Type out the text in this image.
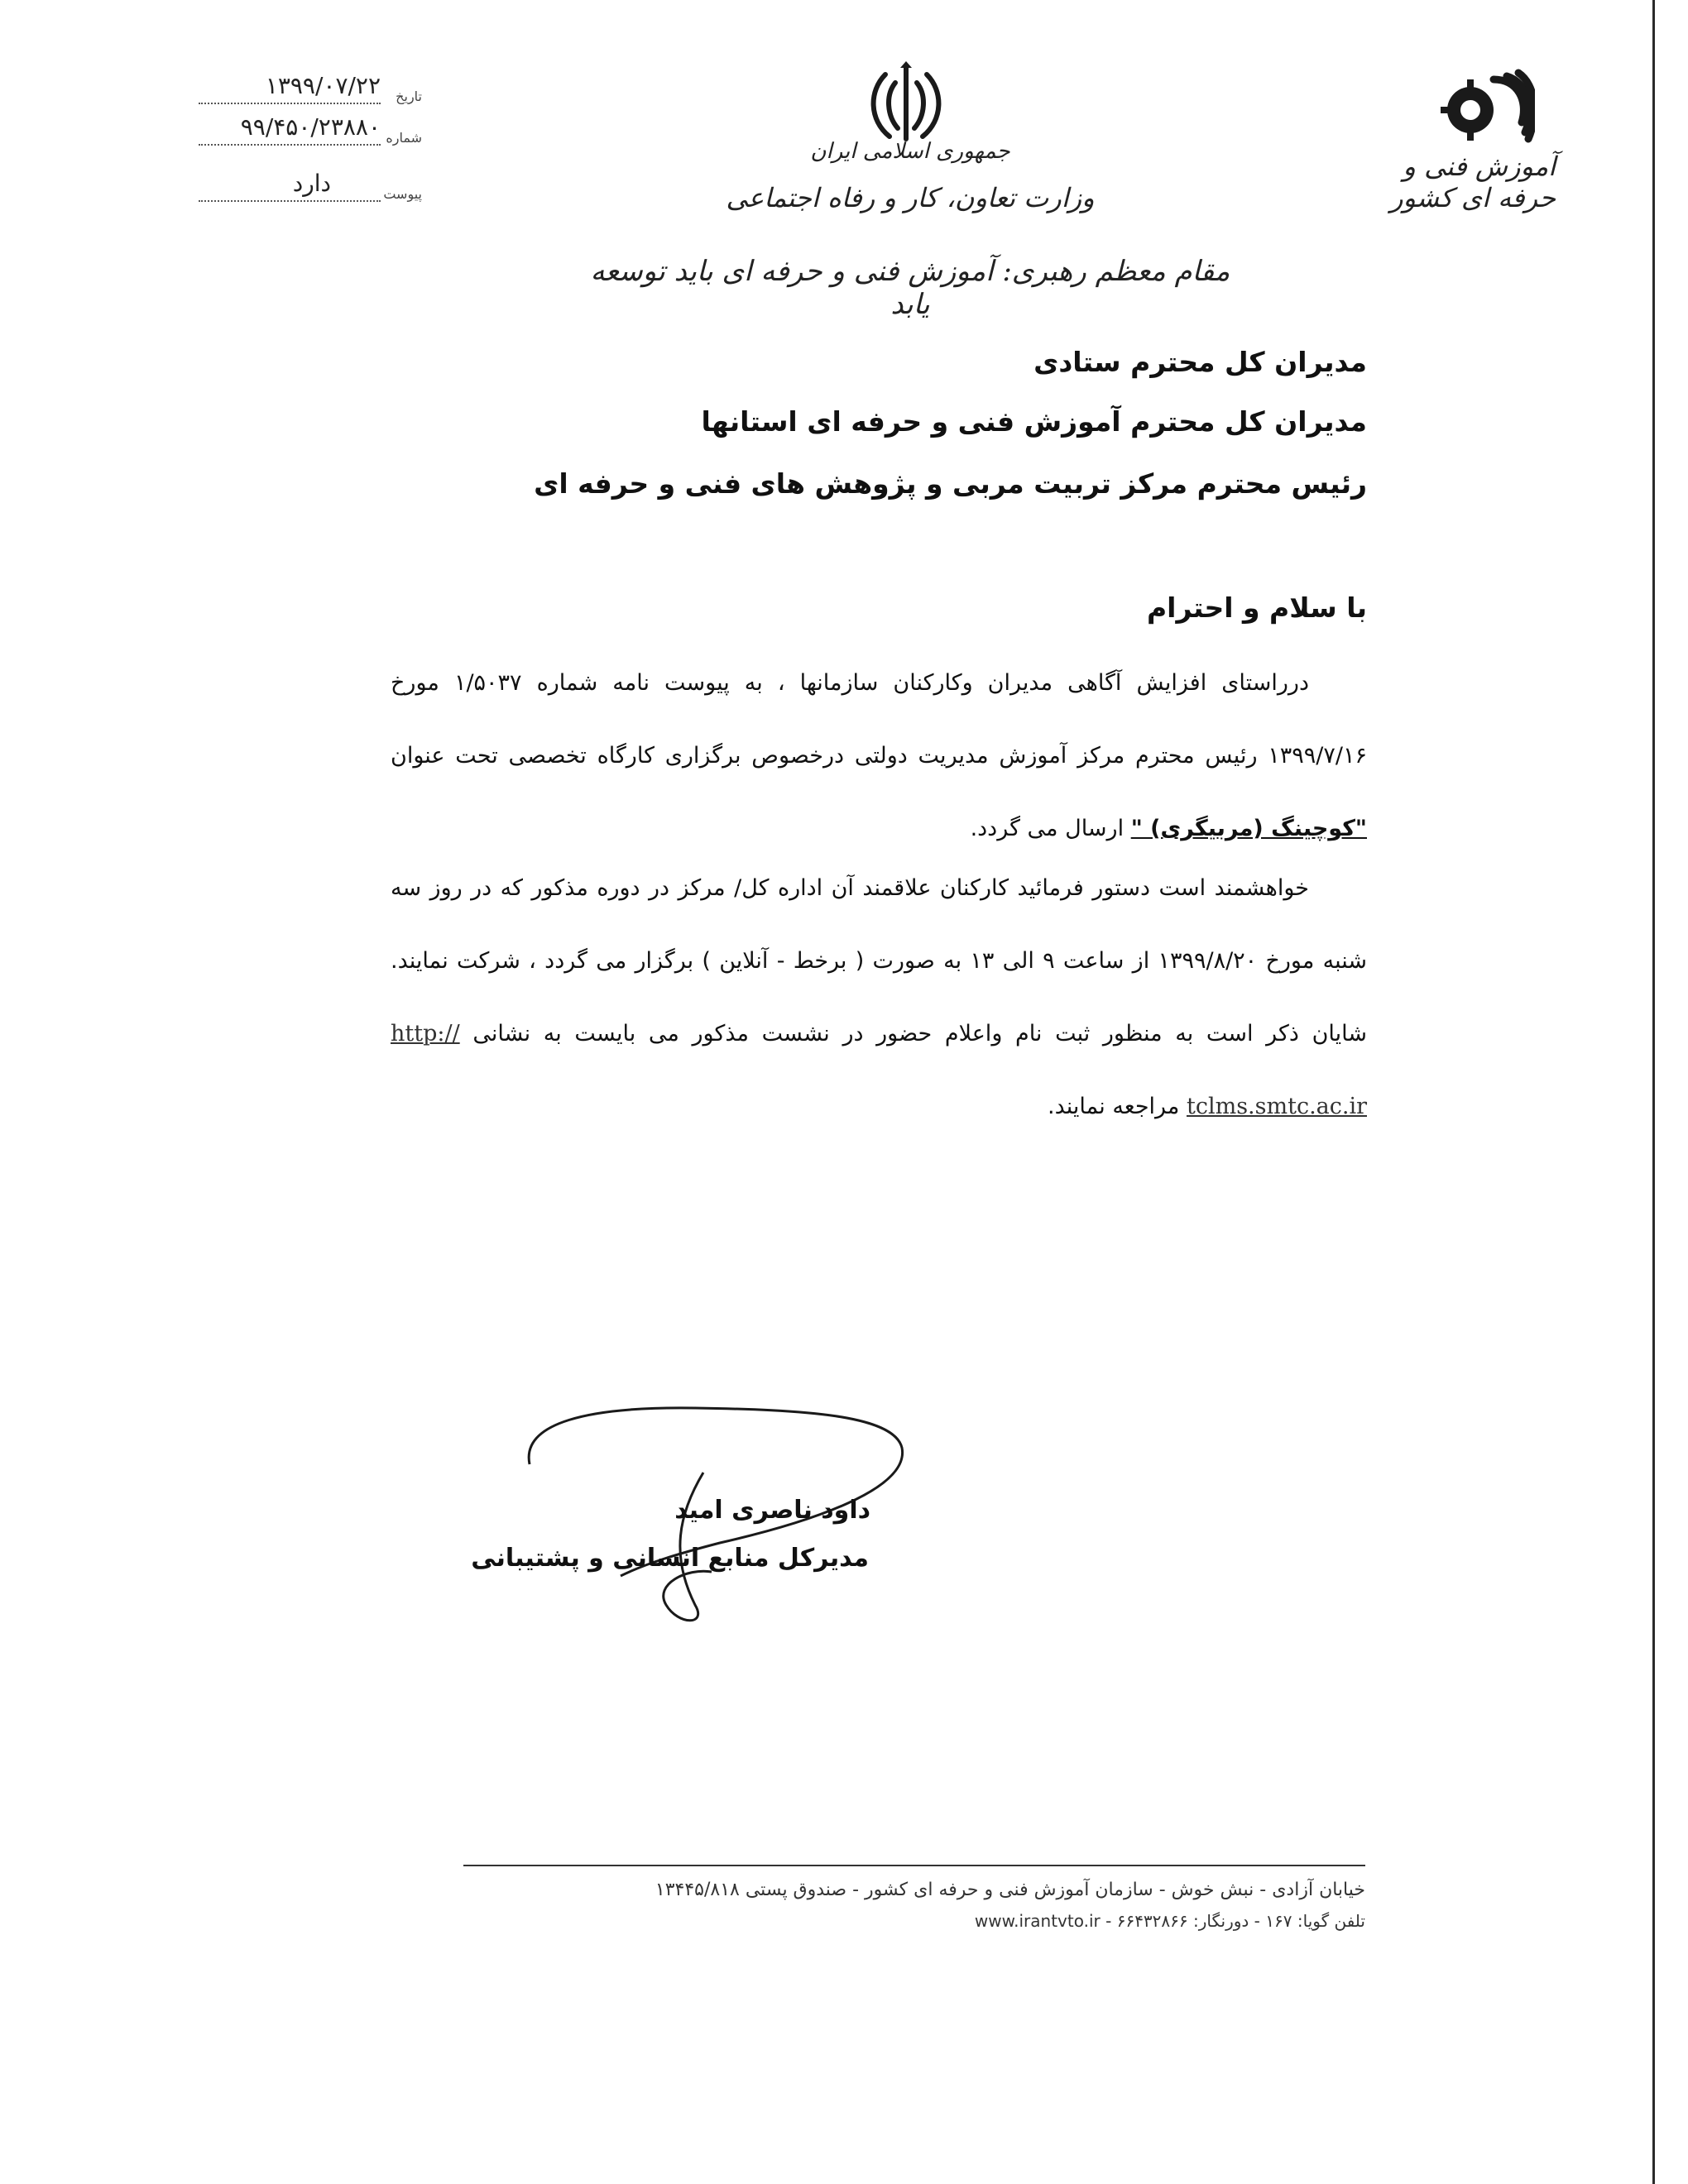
۱۳۹۹/۰۷/۲۲ تاریخ
۹۹/۴۵۰/۲۳۸۸۰ شماره
دارد	پیوست
جمهوری اسلامی ایران
وزارت تعاون، کار و رفاه اجتماعی
مقام معظم رهبری: آموزش فنی و حرفه ای باید توسعه یابد
آموزش فنی و حرفه ای کشور
مدیران کل محترم ستادی
مدیران کل محترم آموزش فنی و حرفه ای استانها
رئیس محترم مرکز تربیت مربی و پژوهش های فنی و حرفه ای
با سلام و احترام
درراستای افزایش آگاهی مدیران وکارکنان سازمانها ، به پیوست نامه شماره ۱/۵۰۳۷ مورخ ۱۳۹۹/۷/۱۶ رئیس محترم مرکز آموزش مدیریت دولتی درخصوص برگزاری کارگاه تخصصی تحت عنوان "کوچینگ (مربیگری) " ارسال می گردد.
خواهشمند است دستور فرمائید کارکنان علاقمند آن اداره کل/ مرکز در دوره مذکور که در روز سه شنبه مورخ ۱۳۹۹/۸/۲۰ از ساعت ۹ الی ۱۳ به صورت ( برخط - آنلاین ) برگزار می گردد ، شرکت نمایند. شایان ذکر است به منظور ثبت نام واعلام حضور در نشست مذکور می بایست به نشانی http:// tclms.smtc.ac.ir مراجعه نمایند.
داود ناصری امید
مدیرکل منابع انسانی و پشتیبانی
خیابان آزادی - نبش خوش - سازمان آموزش فنی و حرفه ای کشور - صندوق پستی ۱۳۴۴۵/۸۱۸
تلفن گویا: ۱۶۷ - دورنگار: ۶۶۴۳۲۸۶۶ - www.irantvto.ir
